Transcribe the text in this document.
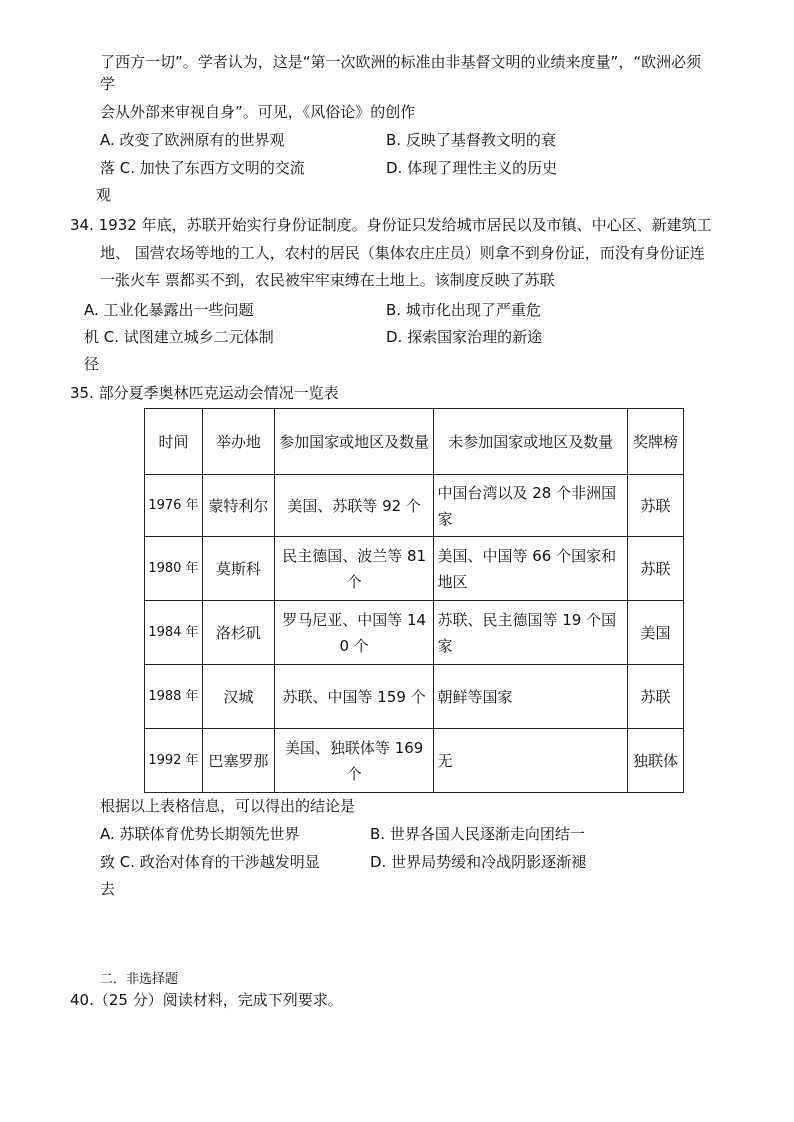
了西方一切”。学者认为，这是“第一次欧洲的标准由非基督文明的业绩来度量”，“欧洲必须
学
会从外部来审视自身”。可见，《风俗论》的创作
A. 改变了欧洲原有的世界观	B. 反映了基督教文明的衰
落 C. 加快了东西方文明的交流	D. 体现了理性主义的历史
观
34. 1932 年底，苏联开始实行身份证制度。身份证只发给城市居民以及市镇、中心区、新建筑工
地、 国营农场等地的工人，农村的居民（集体农庄庄员）则拿不到身份证，而没有身份证连
一张火车 票都买不到，农民被牢牢束缚在土地上。该制度反映了苏联
A. 工业化暴露出一些问题	B. 城市化出现了严重危
机 C. 试图建立城乡二元体制	D. 探索国家治理的新途
径
35. 部分夏季奥林匹克运动会情况一览表
时间	举办地	参加国家或地区及数量	未参加国家或地区及数量	奖牌榜
1976 年	蒙特利尔	美国、苏联等 92 个	中国台湾以及 28 个非洲国 家	苏联
1980 年	莫斯科	民主德国、波兰等 81 个	美国、中国等 66 个国家和 地区	苏联
1984 年	洛杉矶	罗马尼亚、中国等 140 个	苏联、民主德国等 19 个国 家	美国
1988 年	汉城	苏联、中国等 159 个	朝鲜等国家	苏联
1992 年	巴塞罗那	美国、独联体等 169 个	无	独联体
根据以上表格信息，可以得出的结论是
A. 苏联体育优势长期领先世界	B. 世界各国人民逐渐走向团结一
致 C. 政治对体育的干涉越发明显	D. 世界局势缓和冷战阴影逐渐褪
去
二．非选择题
40.（25 分）阅读材料，完成下列要求。
